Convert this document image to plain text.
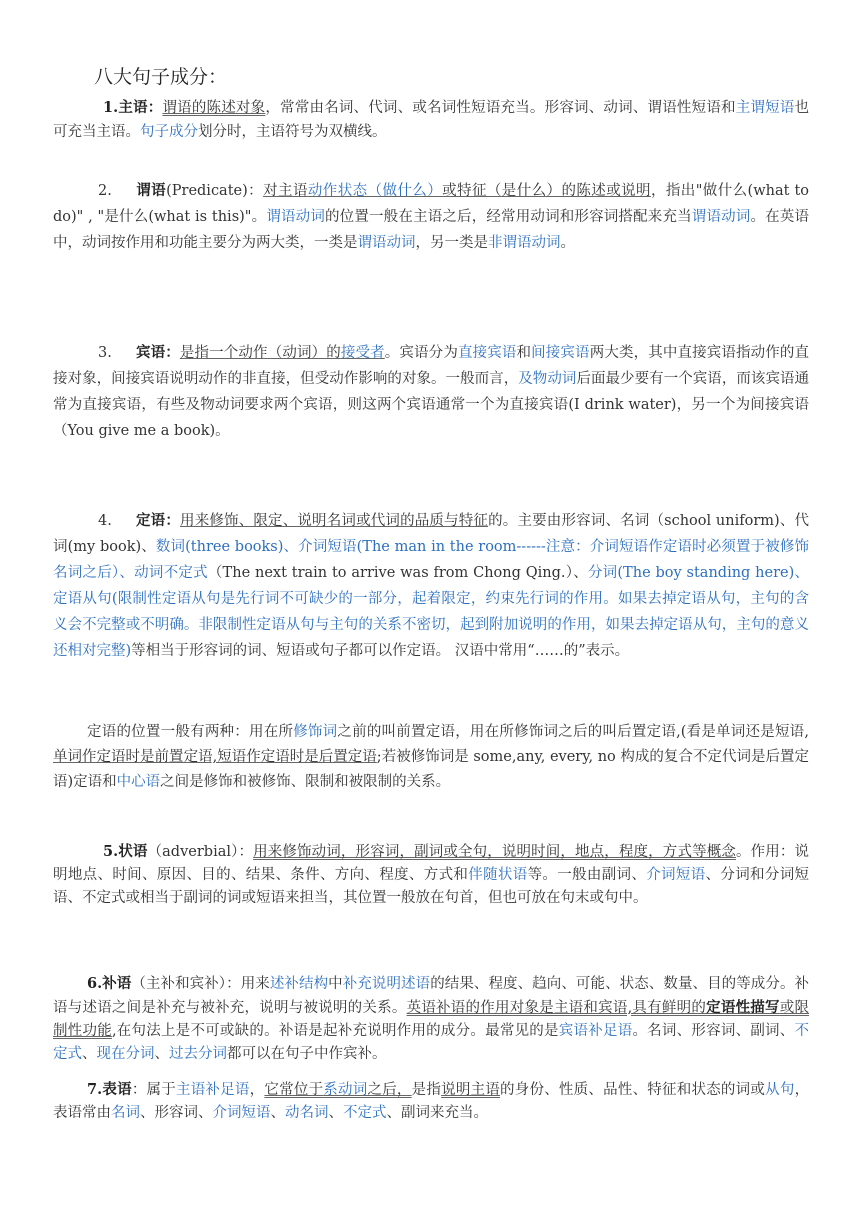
八大句子成分：
1.主语：谓语的陈述对象，常常由名词、代词、或名词性短语充当。形容词、动词、谓语性短语和主谓短语也可充当主语。句子成分划分时，主语符号为双横线。
2. 谓语(Predicate)：对主语动作状态（做什么）或特征（是什么）的陈述或说明，指出"做什么(what to do)" , "是什么(what is this)"。谓语动词的位置一般在主语之后，经常用动词和形容词搭配来充当谓语动词。在英语中，动词按作用和功能主要分为两大类，一类是谓语动词，另一类是非谓语动词。
3. 宾语：是指一个动作（动词）的接受者。宾语分为直接宾语和间接宾语两大类，其中直接宾语指动作的直接对象，间接宾语说明动作的非直接，但受动作影响的对象。一般而言，及物动词后面最少要有一个宾语，而该宾语通常为直接宾语，有些及物动词要求两个宾语，则这两个宾语通常一个为直接宾语(I drink water)，另一个为间接宾语（You give me a book)。
4. 定语：用来修饰、限定、说明名词或代词的品质与特征的。主要由形容词、名词（school uniform)、代词(my book)、数词(three books)、介词短语(The man in the room------注意：介词短语作定语时必须置于被修饰名词之后）、动词不定式（The next train to arrive was from Chong Qing.）、分词(The boy standing here)、定语从句(限制性定语从句是先行词不可缺少的一部分，起着限定，约束先行词的作用。如果去掉定语从句，主句的含义会不完整或不明确。非限制性定语从句与主句的关系不密切，起到附加说明的作用，如果去掉定语从句，主句的意义还相对完整)等相当于形容词的词、短语或句子都可以作定语。 汉语中常用“……的”表示。
定语的位置一般有两种：用在所修饰词之前的叫前置定语，用在所修饰词之后的叫后置定语,(看是单词还是短语,单词作定语时是前置定语,短语作定语时是后置定语;若被修饰词是 some,any, every, no 构成的复合不定代词是后置定语)定语和中心语之间是修饰和被修饰、限制和被限制的关系。
5.状语（adverbial）：用来修饰动词，形容词，副词或全句，说明时间，地点，程度，方式等概念。作用：说明地点、时间、原因、目的、结果、条件、方向、程度、方式和伴随状语等。一般由副词、介词短语、分词和分词短语、不定式或相当于副词的词或短语来担当，其位置一般放在句首，但也可放在句末或句中。
6.补语（主补和宾补）：用来述补结构中补充说明述语的结果、程度、趋向、可能、状态、数量、目的等成分。补语与述语之间是补充与被补充，说明与被说明的关系。英语补语的作用对象是主语和宾语,具有鲜明的定语性描写或限制性功能,在句法上是不可或缺的。补语是起补充说明作用的成分。最常见的是宾语补足语。名词、形容词、副词、不定式、现在分词、过去分词都可以在句子中作宾补。
7.表语：属于主语补足语，它常位于系动词之后，是指说明主语的身份、性质、品性、特征和状态的词或从句，表语常由名词、形容词、介词短语、动名词、不定式、副词来充当。
